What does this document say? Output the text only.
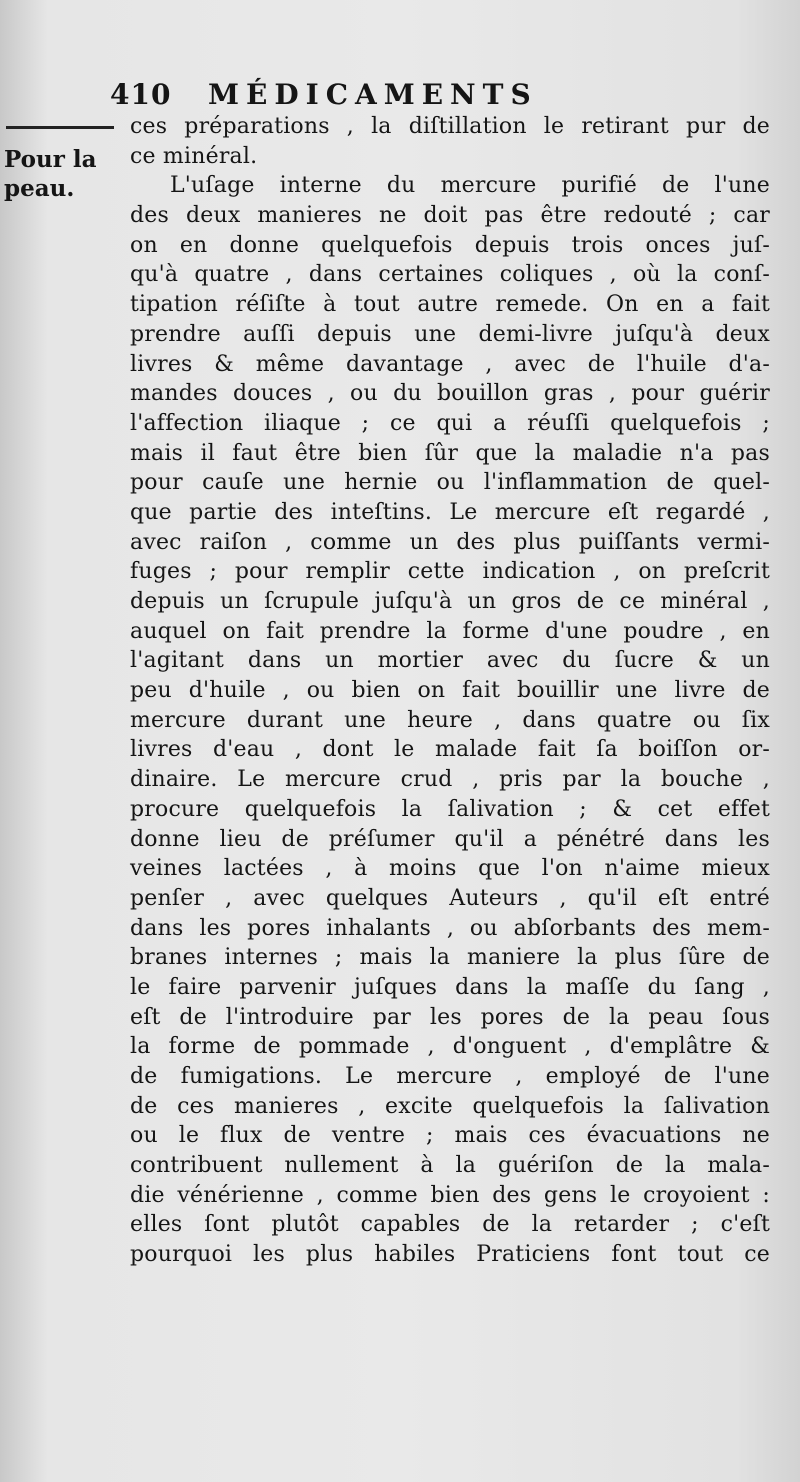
410 MÉDICAMENTS
Pour la
peau.
ces préparations , la diſtillation le retirant pur de
ce minéral.
L'uſage interne du mercure purifié de l'une
des deux manieres ne doit pas être redouté ; car
on en donne quelquefois depuis trois onces juſ-
qu'à quatre , dans certaines coliques , où la conſ-
tipation réſiſte à tout autre remede. On en a fait
prendre auſſi depuis une demi-livre juſqu'à deux
livres & même davantage , avec de l'huile d'a-
mandes douces , ou du bouillon gras , pour guérir
l'affection iliaque ; ce qui a réuſſi quelquefois ;
mais il faut être bien ſûr que la maladie n'a pas
pour cauſe une hernie ou l'inflammation de quel-
que partie des inteſtins. Le mercure eſt regardé ,
avec raiſon , comme un des plus puiſſants vermi-
fuges ; pour remplir cette indication , on preſcrit
depuis un ſcrupule juſqu'à un gros de ce minéral ,
auquel on fait prendre la forme d'une poudre , en
l'agitant dans un mortier avec du ſucre & un
peu d'huile , ou bien on fait bouillir une livre de
mercure durant une heure , dans quatre ou ſix
livres d'eau , dont le malade fait ſa boiſſon or-
dinaire. Le mercure crud , pris par la bouche ,
procure quelquefois la ſalivation ; & cet effet
donne lieu de préſumer qu'il a pénétré dans les
veines lactées , à moins que l'on n'aime mieux
penſer , avec quelques Auteurs , qu'il eſt entré
dans les pores inhalants , ou abſorbants des mem-
branes internes ; mais la maniere la plus ſûre de
le faire parvenir juſques dans la maſſe du ſang ,
eſt de l'introduire par les pores de la peau ſous
la forme de pommade , d'onguent , d'emplâtre &
de fumigations. Le mercure , employé de l'une
de ces manieres , excite quelquefois la ſalivation
ou le flux de ventre ; mais ces évacuations ne
contribuent nullement à la guériſon de la mala-
die vénérienne , comme bien des gens le croyoient :
elles ſont plutôt capables de la retarder ; c'eſt
pourquoi les plus habiles Praticiens font tout ce
